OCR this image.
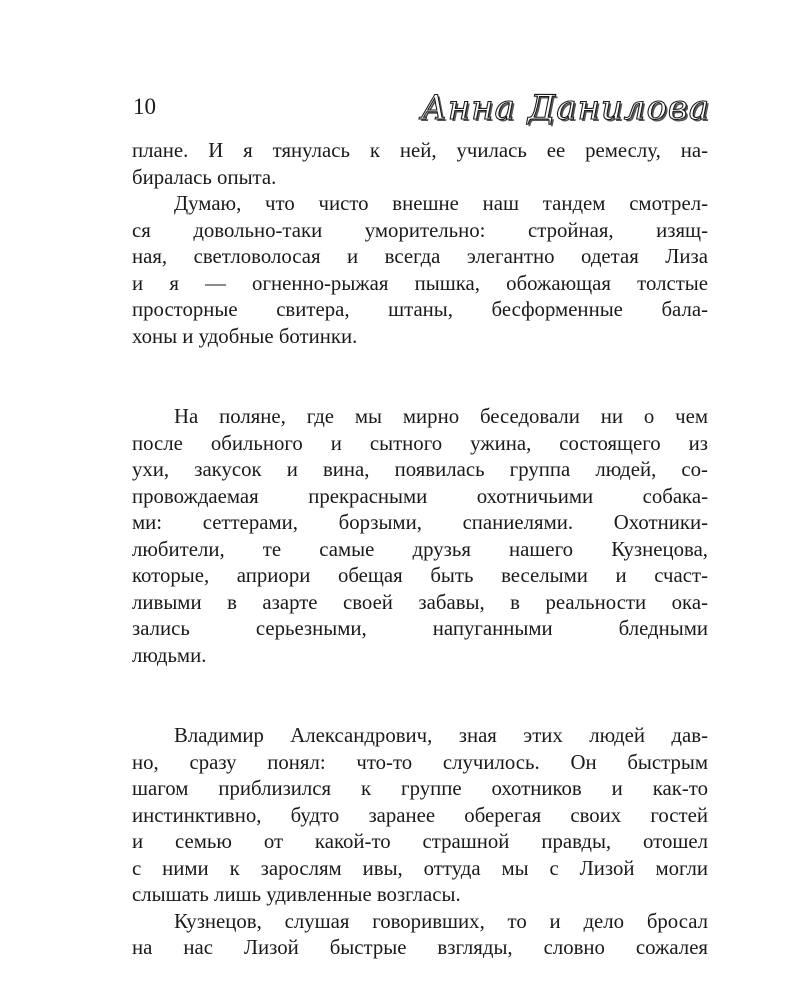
10	Анна Данилова
плане. И я тянулась к ней, училась ее ремеслу, на-
биралась опыта.
Думаю, что чисто внешне наш тандем смотрел-
ся довольно-таки уморительно: стройная, изящ-
ная, светловолосая и всегда элегантно одетая Лиза
и я — огненно-рыжая пышка, обожающая толстые
просторные свитера, штаны, бесформенные бала-
хоны и удобные ботинки.
На поляне, где мы мирно беседовали ни о чем
после обильного и сытного ужина, состоящего из
ухи, закусок и вина, появилась группа людей, со-
провождаемая прекрасными охотничьими собака-
ми: сеттерами, борзыми, спаниелями. Охотники-
любители, те самые друзья нашего Кузнецова,
которые, априори обещая быть веселыми и счаст-
ливыми в азарте своей забавы, в реальности ока-
зались серьезными, напуганными бледными
людьми.
Владимир Александрович, зная этих людей дав-
но, сразу понял: что-то случилось. Он быстрым
шагом приблизился к группе охотников и как-то
инстинктивно, будто заранее оберегая своих гостей
и семью от какой-то страшной правды, отошел
с ними к зарослям ивы, оттуда мы с Лизой могли
слышать лишь удивленные возгласы.
Кузнецов, слушая говоривших, то и дело бросал
на нас Лизой быстрые взгляды, словно сожалея
